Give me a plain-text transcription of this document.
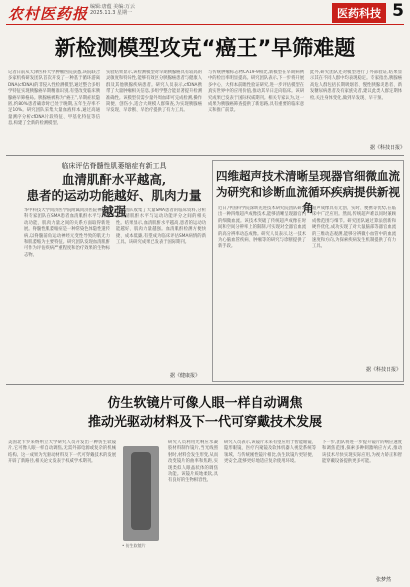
农村医药报 编辑:唐蕴 美编:万云
2025.11.3 星期一	医药科技 5
新检测模型攻克“癌王”早筛难题
记者日前从天津医科大学肿瘤医院获悉,该院联合多家机构研发团队首次开发了一种基于循环游离DNA(cfDNA)的非侵入性检测模型,通过整合多组学特征实现胰腺癌早期精准识别,有望改变临床胰腺癌早筛格局。胰腺癌被称为“癌王”,早期症状隐匿,约80%患者确诊时已处于晚期,五年生存率不足10%。研究团队采集大量血液样本,通过高通量测序分析cfDNA片段特征、甲基化特征等信息,构建了全新的检测模型。
实验结果显示,该检测模型对早期胰腺癌具有较高的灵敏度和特异性,能够有效区分胰腺癌患者与健康人群及其他胰腺疾病患者。研究人员表示,cfDNA携带了大量肿瘤相关信息,多组学整合能显著提升检测准确性。该模型仅需少量外周血即可完成检测,操作简便、创伤小,适合大规模人群筛查,为实现胰腺癌早发现、早诊断、早治疗提供了有力工具。
与传统肿瘤标志物CA19-9相比,新模型在早期病例中的检出率明显提高。研究团队表示,下一步将开展多中心、大样本前瞻性验证研究,进一步评估模型在真实世界中的应用价值,推动其早日走向临床。该研究成果已发表于国际权威期刊。相关专家认为,这一成果为胰腺癌筛查提供了新思路,具有重要的临床意义和推广前景。
此外,研究团队还对模型进行了外部验证,结果显示其在不同人群中均表现稳定。专家指出,胰腺癌高危人群包括长期吸烟者、慢性胰腺炎患者、新发糖尿病患者及有家族史者,建议此类人群定期体检,关注身体变化,做到早发现、早干预。
据《科技日报》
临床评估脊髓性肌萎缩症有新工具
血清肌酐水平越高,
患者的运动功能越好、肌肉力量越强
华中科技大学同济医学院附属同济医院神经内科专家团队在SMA患者血清肌酐水平与其运动功能、肌肉力量之间的关系方面取得新进展。脊髓性肌萎缩症是一种常染色体隐性遗传病,以脊髓前角运动神经元变性导致的肌无力和肌萎缩为主要特征。研究团队发现血清肌酐可作为评估疾病严重程度和治疗效果的生物标志物。
研究团队收集了大量SMA患者的临床资料,分析了血清肌酐水平与运动功能评分之间的相关性。结果显示,血清肌酐水平越高,患者的运动功能越好、肌肉力量越强。血清肌酐检测方便快捷、成本低廉,有望成为临床评估SMA病情的新工具。该研究成果已发表于国际期刊。
据《健康报》
四维超声技术清晰呈现器官细微血流
为研究和诊断血流循环疾病提供新视角
近日,中国科学院深圳先进技术研究院团队研发出一种四维超声成像技术,能够清晰呈现器官内的细微血流。该技术突破了传统超声成像在时间和空间分辨率上的限制,可实现对全器官血流的高分辨率动态成像。研究人员表示,这一技术为心脑血管疾病、肿瘤等的研究与诊断提供了新手段。
超声成像具有无创、实时、便携等优势,在临床中广泛应用。然而,传统超声难以同时兼顾成像范围与细节。研究团队通过算法创新和硬件优化,成功实现了对大鼠脑部等器官血流的三维动态观测,能够分辨微小血管中的血流速度和方向,为探索疾病发生机制提供了有力工具。
据《科技日报》
仿生软镜片可像人眼一样自动调焦
推动光驱动材料及下一代可穿戴技术发展
美国北卡罗来纳州立大学研究人员开发出一种仿生软镜片,它可像人眼一样自动调焦,无需外部电源或复杂的机械结构。这一成果为光驱动材料及下一代可穿戴技术的发展开辟了新路径,相关论文发表于权威学术期刊。
• 仿生软镜片
研究人员利用光响应水凝胶材料制作镜片,当光线照射时,材料会发生形变,从而改变镜片的曲率和焦距,实现类似人眼晶状体的调焦功能。该镜片质地柔软,具有良好的生物相容性。
研究人员表示,该镜片未来有望应用于智能眼镜、隐形眼镜、医疗内窥镜及软体机器人视觉系统等领域。与传统刚性镜片相比,仿生软镜片更轻便、更安全,能够更好地适应复杂使用环境。
下一步,团队将进一步提升镜片的响应速度和调焦范围,探索多种刺激响应方式,推动该技术尽快实现实际应用,为视力矫正和智能穿戴设备提供更多可能。
张梦然
